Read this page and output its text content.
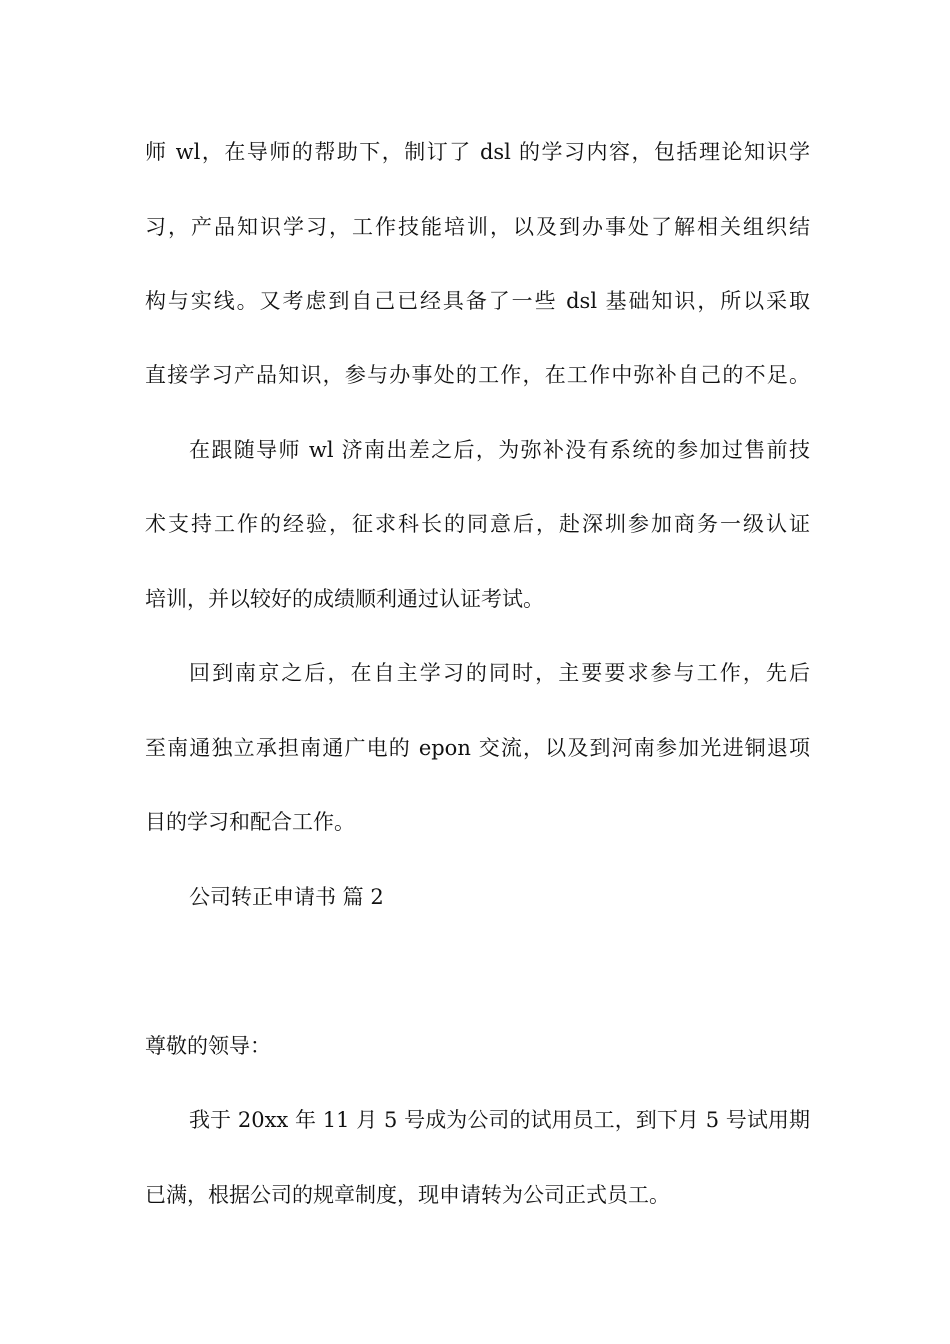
师 wl，在导师的帮助下，制订了 dsl 的学习内容，包括理论知识学
习，产品知识学习，工作技能培训，以及到办事处了解相关组织结
构与实线。又考虑到自己已经具备了一些 dsl 基础知识，所以采取
直接学习产品知识，参与办事处的工作，在工作中弥补自己的不足。
在跟随导师 wl 济南出差之后，为弥补没有系统的参加过售前技
术支持工作的经验，征求科长的同意后，赴深圳参加商务一级认证
培训，并以较好的成绩顺利通过认证考试。
回到南京之后，在自主学习的同时，主要要求参与工作，先后
至南通独立承担南通广电的 epon 交流，以及到河南参加光进铜退项
目的学习和配合工作。
公司转正申请书 篇 2
尊敬的领导：
我于 20xx 年 11 月 5 号成为公司的试用员工，到下月 5 号试用期
已满，根据公司的规章制度，现申请转为公司正式员工。
